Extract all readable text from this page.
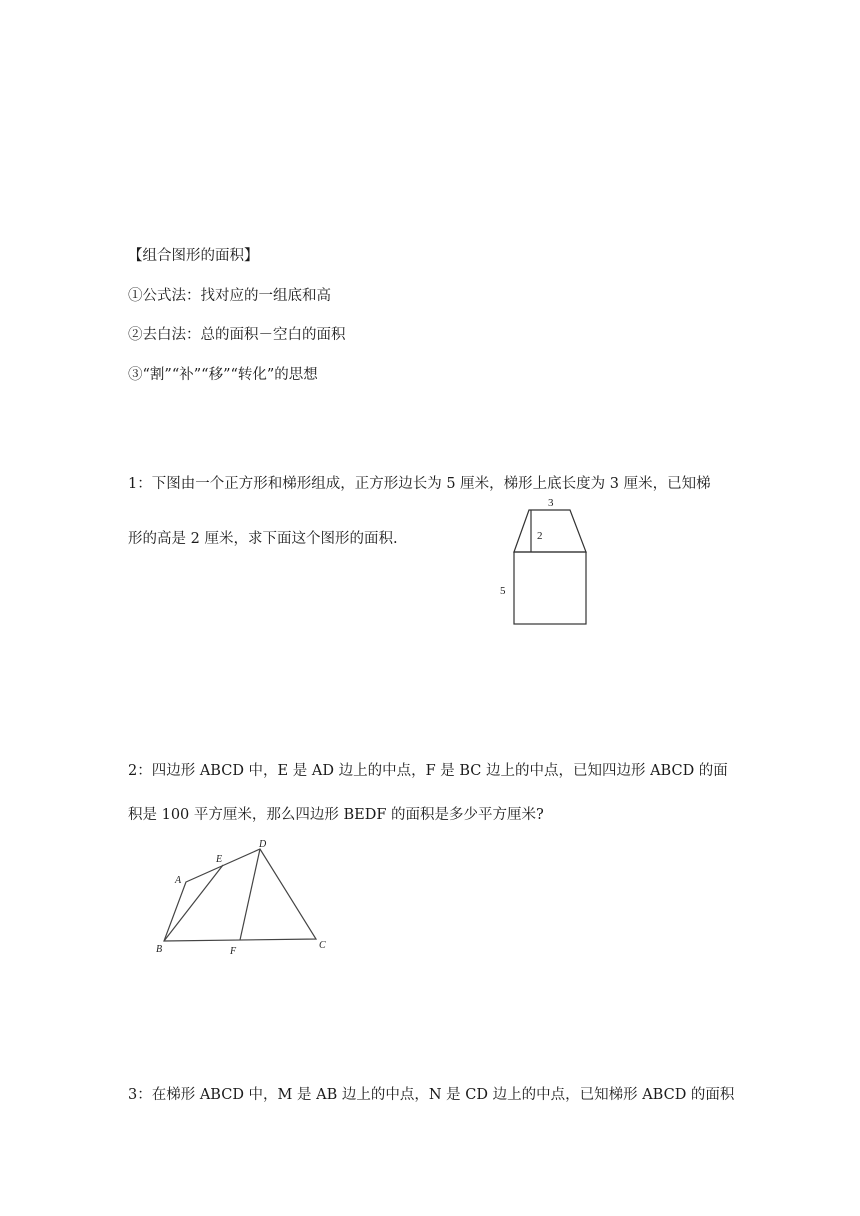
【组合图形的面积】
①公式法：找对应的一组底和高
②去白法：总的面积－空白的面积
③“割”“补”“移”“转化”的思想
1：下图由一个正方形和梯形组成，正方形边长为 5 厘米，梯形上底长度为 3 厘米，已知梯
形的高是 2 厘米，求下面这个图形的面积.
3
2
5
2：四边形 ABCD 中，E 是 AD 边上的中点，F 是 BC 边上的中点，已知四边形 ABCD 的面
积是 100 平方厘米，那么四边形 BEDF 的面积是多少平方厘米?
A
E
D
B	F
C
3：在梯形 ABCD 中，M 是 AB 边上的中点，N 是 CD 边上的中点，已知梯形 ABCD 的面积
